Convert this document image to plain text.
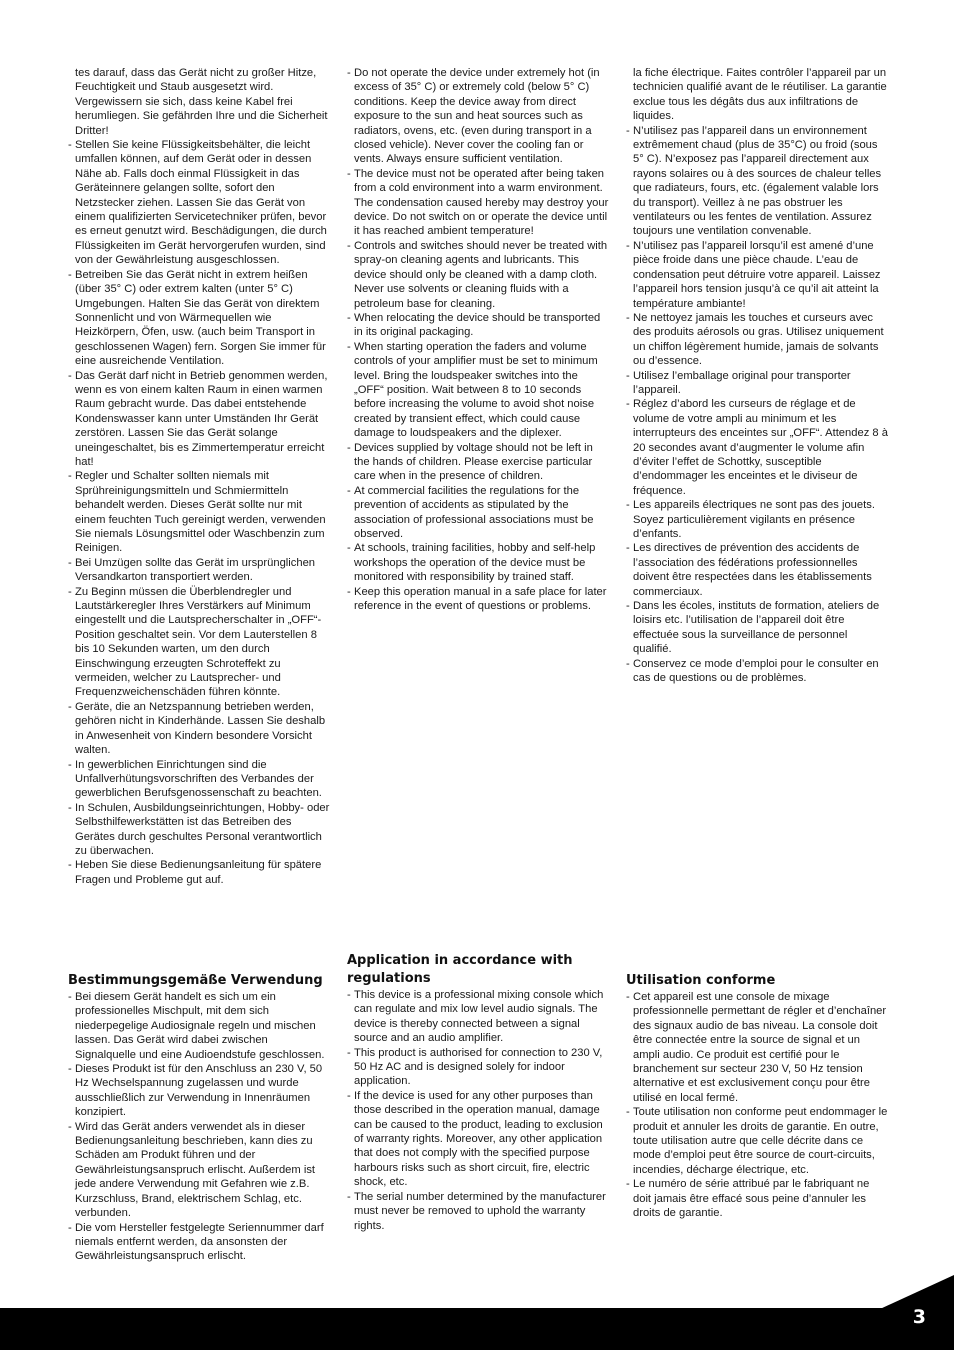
tes darauf, dass das Gerät nicht zu großer Hitze, Feuchtigkeit und Staub ausgesetzt wird. Vergewissern sie sich, dass keine Kabel frei herumliegen. Sie gefährden Ihre und die Sicherheit Dritter!
- Stellen Sie keine Flüssigkeitsbehälter, die leicht umfallen können, auf dem Gerät oder in dessen Nähe ab. Falls doch einmal Flüssigkeit in das Geräteinnere gelangen sollte, sofort den Netzstecker ziehen. Lassen Sie das Gerät von einem qualifizierten Servicetechniker prüfen, bevor es erneut genutzt wird. Beschädigungen, die durch Flüssigkeiten im Gerät hervorgerufen wurden, sind von der Gewährleistung ausgeschlossen.
- Betreiben Sie das Gerät nicht in extrem heißen (über 35° C) oder extrem kalten (unter 5° C) Umgebungen. Halten Sie das Gerät von direktem Sonnenlicht und von Wärmequellen wie Heizkörpern, Öfen, usw. (auch beim Transport in geschlossenen Wagen) fern. Sorgen Sie immer für eine ausreichende Ventilation.
- Das Gerät darf nicht in Betrieb genommen werden, wenn es von einem kalten Raum in einen warmen Raum gebracht wurde. Das dabei entstehende Kondenswasser kann unter Umständen Ihr Gerät zerstören. Lassen Sie das Gerät solange uneingeschaltet, bis es Zimmertemperatur erreicht hat!
- Regler und Schalter sollten niemals mit Sprühreinigungsmitteln und Schmiermitteln behandelt werden. Dieses Gerät sollte nur mit einem feuchten Tuch gereinigt werden, verwenden Sie niemals Lösungsmittel oder Waschbenzin zum Reinigen.
- Bei Umzügen sollte das Gerät im ursprünglichen Versandkarton transportiert werden.
- Zu Beginn müssen die Überblendregler und Lautstärkeregler Ihres Verstärkers auf Minimum eingestellt und die Lautsprecherschalter in „OFF“-Position geschaltet sein. Vor dem Lauterstellen 8 bis 10 Sekunden warten, um den durch Einschwingung erzeugten Schroteffekt zu vermeiden, welcher zu Lautsprecher- und Frequenzweichenschäden führen könnte.
- Geräte, die an Netzspannung betrieben werden, gehören nicht in Kinderhände. Lassen Sie deshalb in Anwesenheit von Kindern besondere Vorsicht walten.
- In gewerblichen Einrichtungen sind die Unfallverhütungsvorschriften des Verbandes der gewerblichen Berufsgenossenschaft zu beachten.
- In Schulen, Ausbildungseinrichtungen, Hobby- oder Selbsthilfewerkstätten ist das Betreiben des Gerätes durch geschultes Personal verantwortlich zu überwachen.
- Heben Sie diese Bedienungsanleitung für spätere Fragen und Probleme gut auf.
- Do not operate the device under extremely hot (in excess of 35° C) or extremely cold (below 5° C) conditions. Keep the device away from direct exposure to the sun and heat sources such as radiators, ovens, etc. (even during transport in a closed vehicle). Never cover the cooling fan or vents. Always ensure sufficient ventilation.
- The device must not be operated after being taken from a cold environment into a warm environment. The condensation caused hereby may destroy your device. Do not switch on or operate the device until it has reached ambient temperature!
- Controls and switches should never be treated with spray-on cleaning agents and lubricants. This device should only be cleaned with a damp cloth. Never use solvents or cleaning fluids with a petroleum base for cleaning.
- When relocating the device should be transported in its original packaging.
- When starting operation the faders and volume controls of your amplifier must be set to minimum level. Bring the loudspeaker switches into the „OFF“ position. Wait between 8 to 10 seconds before increasing the volume to avoid shot noise created by transient effect, which could cause damage to loudspeakers and the diplexer.
- Devices supplied by voltage should not be left in the hands of children. Please exercise particular care when in the presence of children.
- At commercial facilities the regulations for the prevention of accidents as stipulated by the association of professional associations must be observed.
- At schools, training facilities, hobby and self-help workshops the operation of the device must be monitored with responsibility by trained staff.
- Keep this operation manual in a safe place for later reference in the event of questions or problems.
la fiche électrique. Faites contrôler l’appareil par un technicien qualifié avant de le réutiliser. La garantie exclue tous les dégâts dus aux infiltrations de liquides.
- N’utilisez pas l’appareil dans un environnement extrêmement chaud (plus de 35°C) ou froid (sous 5° C). N’exposez pas l’appareil directement aux rayons solaires ou à des sources de chaleur telles que radiateurs, fours, etc. (également valable lors du transport). Veillez à ne pas obstruer les ventilateurs ou les fentes de ventilation. Assurez toujours une ventilation convenable.
- N’utilisez pas l’appareil lorsqu’il est amené d’une pièce froide dans une pièce chaude. L’eau de condensation peut détruire votre appareil. Laissez l’appareil hors tension jusqu’à ce qu’il ait atteint la température ambiante!
- Ne nettoyez jamais les touches et curseurs avec des produits aérosols ou gras. Utilisez uniquement un chiffon légèrement humide, jamais de solvants ou d’essence.
- Utilisez l’emballage original pour transporter l’appareil.
- Réglez d’abord les curseurs de réglage et de volume de votre ampli au minimum et les interrupteurs des enceintes sur „OFF“. Attendez 8 à 20 secondes avant d’augmenter le volume afin d’éviter l’effet de Schottky, susceptible d’endommager les enceintes et le diviseur de fréquence.
- Les appareils électriques ne sont pas des jouets. Soyez particulièrement vigilants en présence d’enfants.
- Les directives de prévention des accidents de l’association des fédérations professionnelles doivent être respectées dans les établissements commerciaux.
- Dans les écoles, instituts de formation, ateliers de loisirs etc. l’utilisation de l’appareil doit être effectuée sous la surveillance de personnel qualifié.
- Conservez ce mode d’emploi pour le consulter en cas de questions ou de problèmes.
Bestimmungsgemäße Verwendung
- Bei diesem Gerät handelt es sich um ein professionelles Mischpult, mit dem sich niederpegelige Audiosignale regeln und mischen lassen. Das Gerät wird dabei zwischen Signalquelle und eine Audioendstufe geschlossen.
- Dieses Produkt ist für den Anschluss an 230 V, 50 Hz Wechselspannung zugelassen und wurde ausschließlich zur Verwendung in Innenräumen konzipiert.
- Wird das Gerät anders verwendet als in dieser Bedienungsanleitung beschrieben, kann dies zu Schäden am Produkt führen und der Gewährleistungsanspruch erlischt. Außerdem ist jede andere Verwendung mit Gefahren wie z.B. Kurzschluss, Brand, elektrischem Schlag, etc. verbunden.
- Die vom Hersteller festgelegte Seriennummer darf niemals entfernt werden, da ansonsten der Gewährleistungsanspruch erlischt.
Application in accordance with regulations
- This device is a professional mixing console which can regulate and mix low level audio signals. The device is thereby connected between a signal source and an audio amplifier.
- This product is authorised for connection to 230 V, 50 Hz AC and is designed solely for indoor application.
- If the device is used for any other purposes than those described in the operation manual, damage can be caused to the product, leading to exclusion of warranty rights. Moreover, any other application that does not comply with the specified purpose harbours risks such as short circuit, fire, electric shock, etc.
- The serial number determined by the manufacturer must never be removed to uphold the warranty rights.
Utilisation conforme
- Cet appareil est une console de mixage professionnelle permettant de régler et d’enchaîner des signaux audio de bas niveau. La console doit être connectée entre la source de signal et un ampli audio. Ce produit est certifié pour le branchement sur secteur 230 V, 50 Hz tension alternative et est exclusivement conçu pour être utilisé en local fermé.
- Toute utilisation non conforme peut endommager le produit et annuler les droits de garantie. En outre, toute utilisation autre que celle décrite dans ce mode d’emploi peut être source de court-circuits, incendies, décharge électrique, etc.
- Le numéro de série attribué par le fabriquant ne doit jamais être effacé sous peine d’annuler les droits de garantie.
3
